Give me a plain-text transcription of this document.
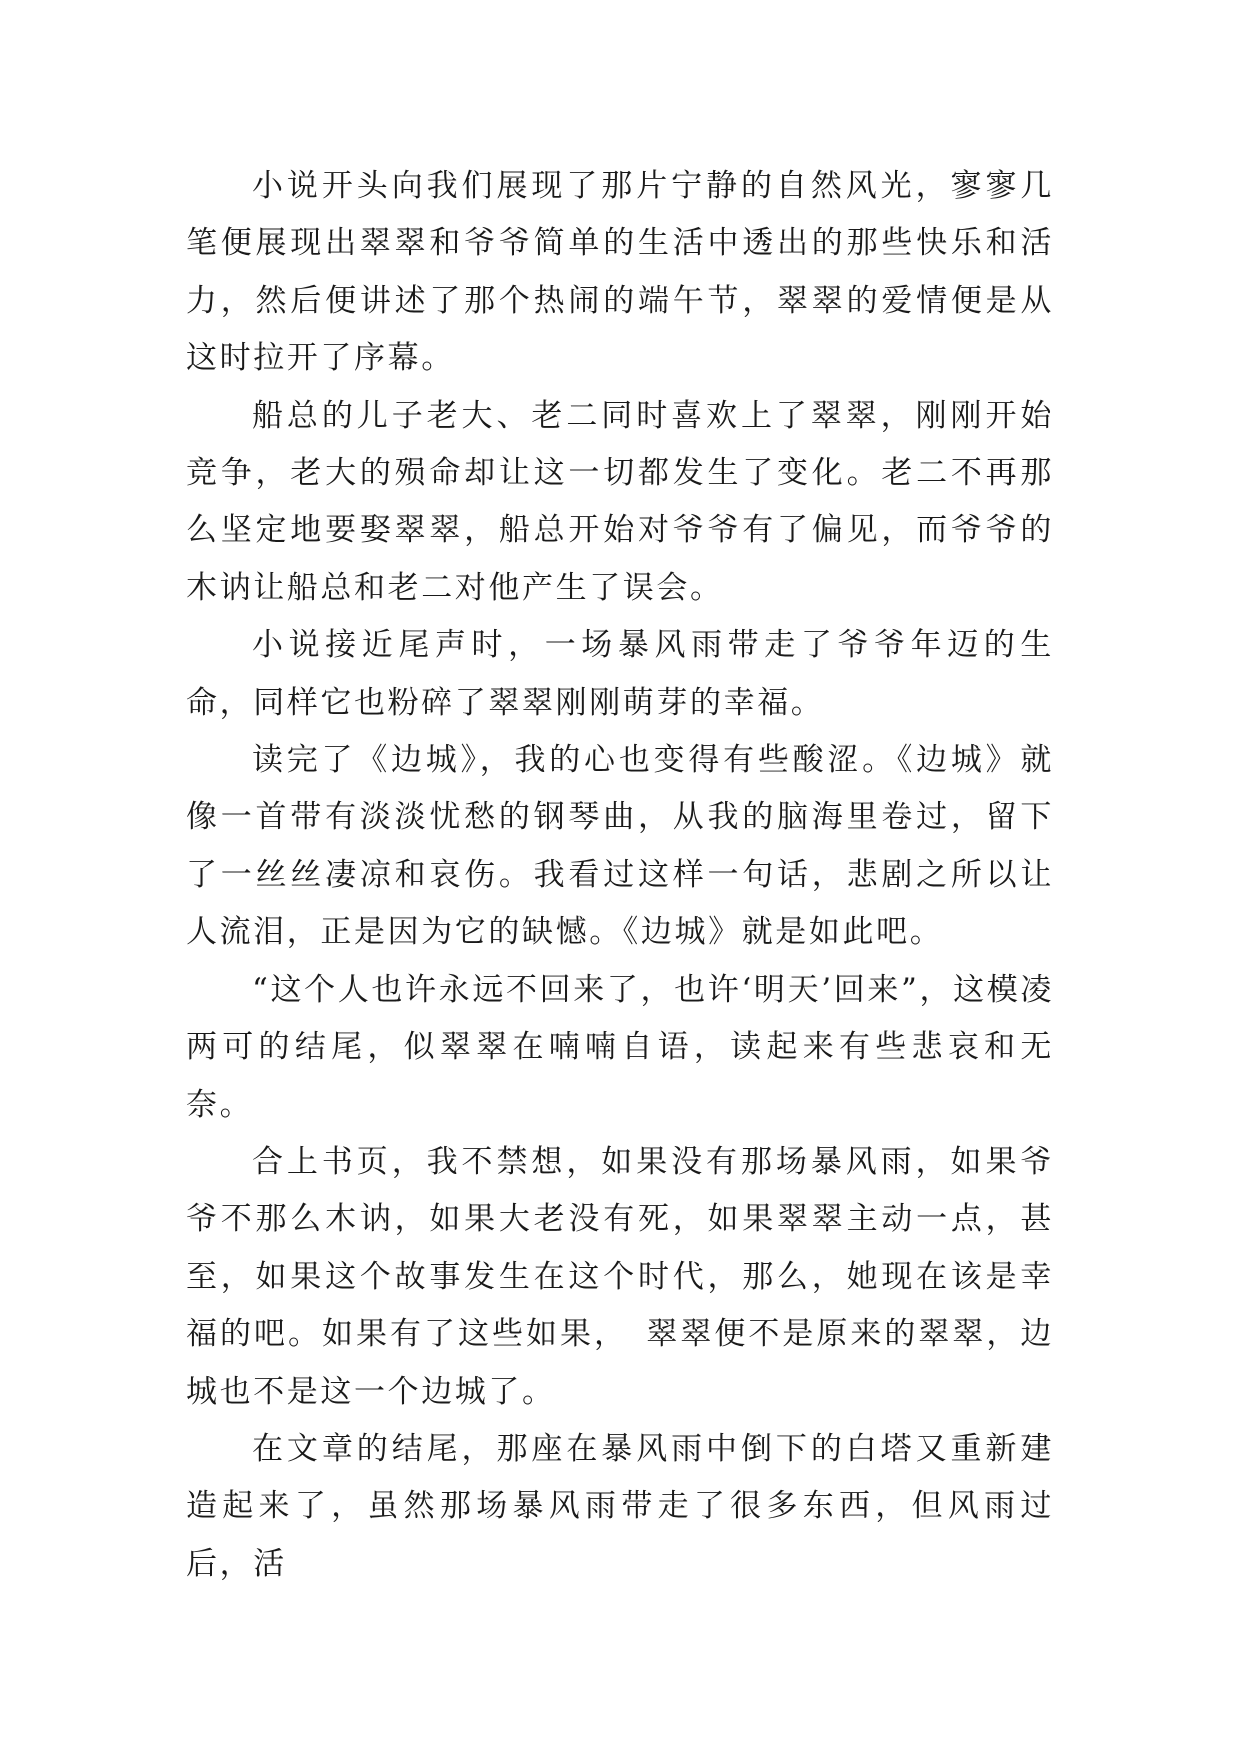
小说开头向我们展现了那片宁静的自然风光，寥寥几笔便展现出翠翠和爷爷简单的生活中透出的那些快乐和活力，然后便讲述了那个热闹的端午节，翠翠的爱情便是从这时拉开了序幕。

船总的儿子老大、老二同时喜欢上了翠翠，刚刚开始竞争，老大的殒命却让这一切都发生了变化。老二不再那么坚定地要娶翠翠，船总开始对爷爷有了偏见，而爷爷的木讷让船总和老二对他产生了误会。

小说接近尾声时，一场暴风雨带走了爷爷年迈的生命，同样它也粉碎了翠翠刚刚萌芽的幸福。

读完了《边城》，我的心也变得有些酸涩。《边城》就像一首带有淡淡忧愁的钢琴曲，从我的脑海里卷过，留下了一丝丝凄凉和哀伤。我看过这样一句话，悲剧之所以让人流泪，正是因为它的缺憾。《边城》就是如此吧。

“这个人也许永远不回来了，也许‘明天’回来”，这模凌两可的结尾，似翠翠在喃喃自语，读起来有些悲哀和无奈。

合上书页，我不禁想，如果没有那场暴风雨，如果爷爷不那么木讷，如果大老没有死，如果翠翠主动一点，甚至，如果这个故事发生在这个时代，那么，她现在该是幸福的吧。如果有了这些如果，　翠翠便不是原来的翠翠，边城也不是这一个边城了。

在文章的结尾，那座在暴风雨中倒下的白塔又重新建造起来了，虽然那场暴风雨带走了很多东西，但风雨过后，活
